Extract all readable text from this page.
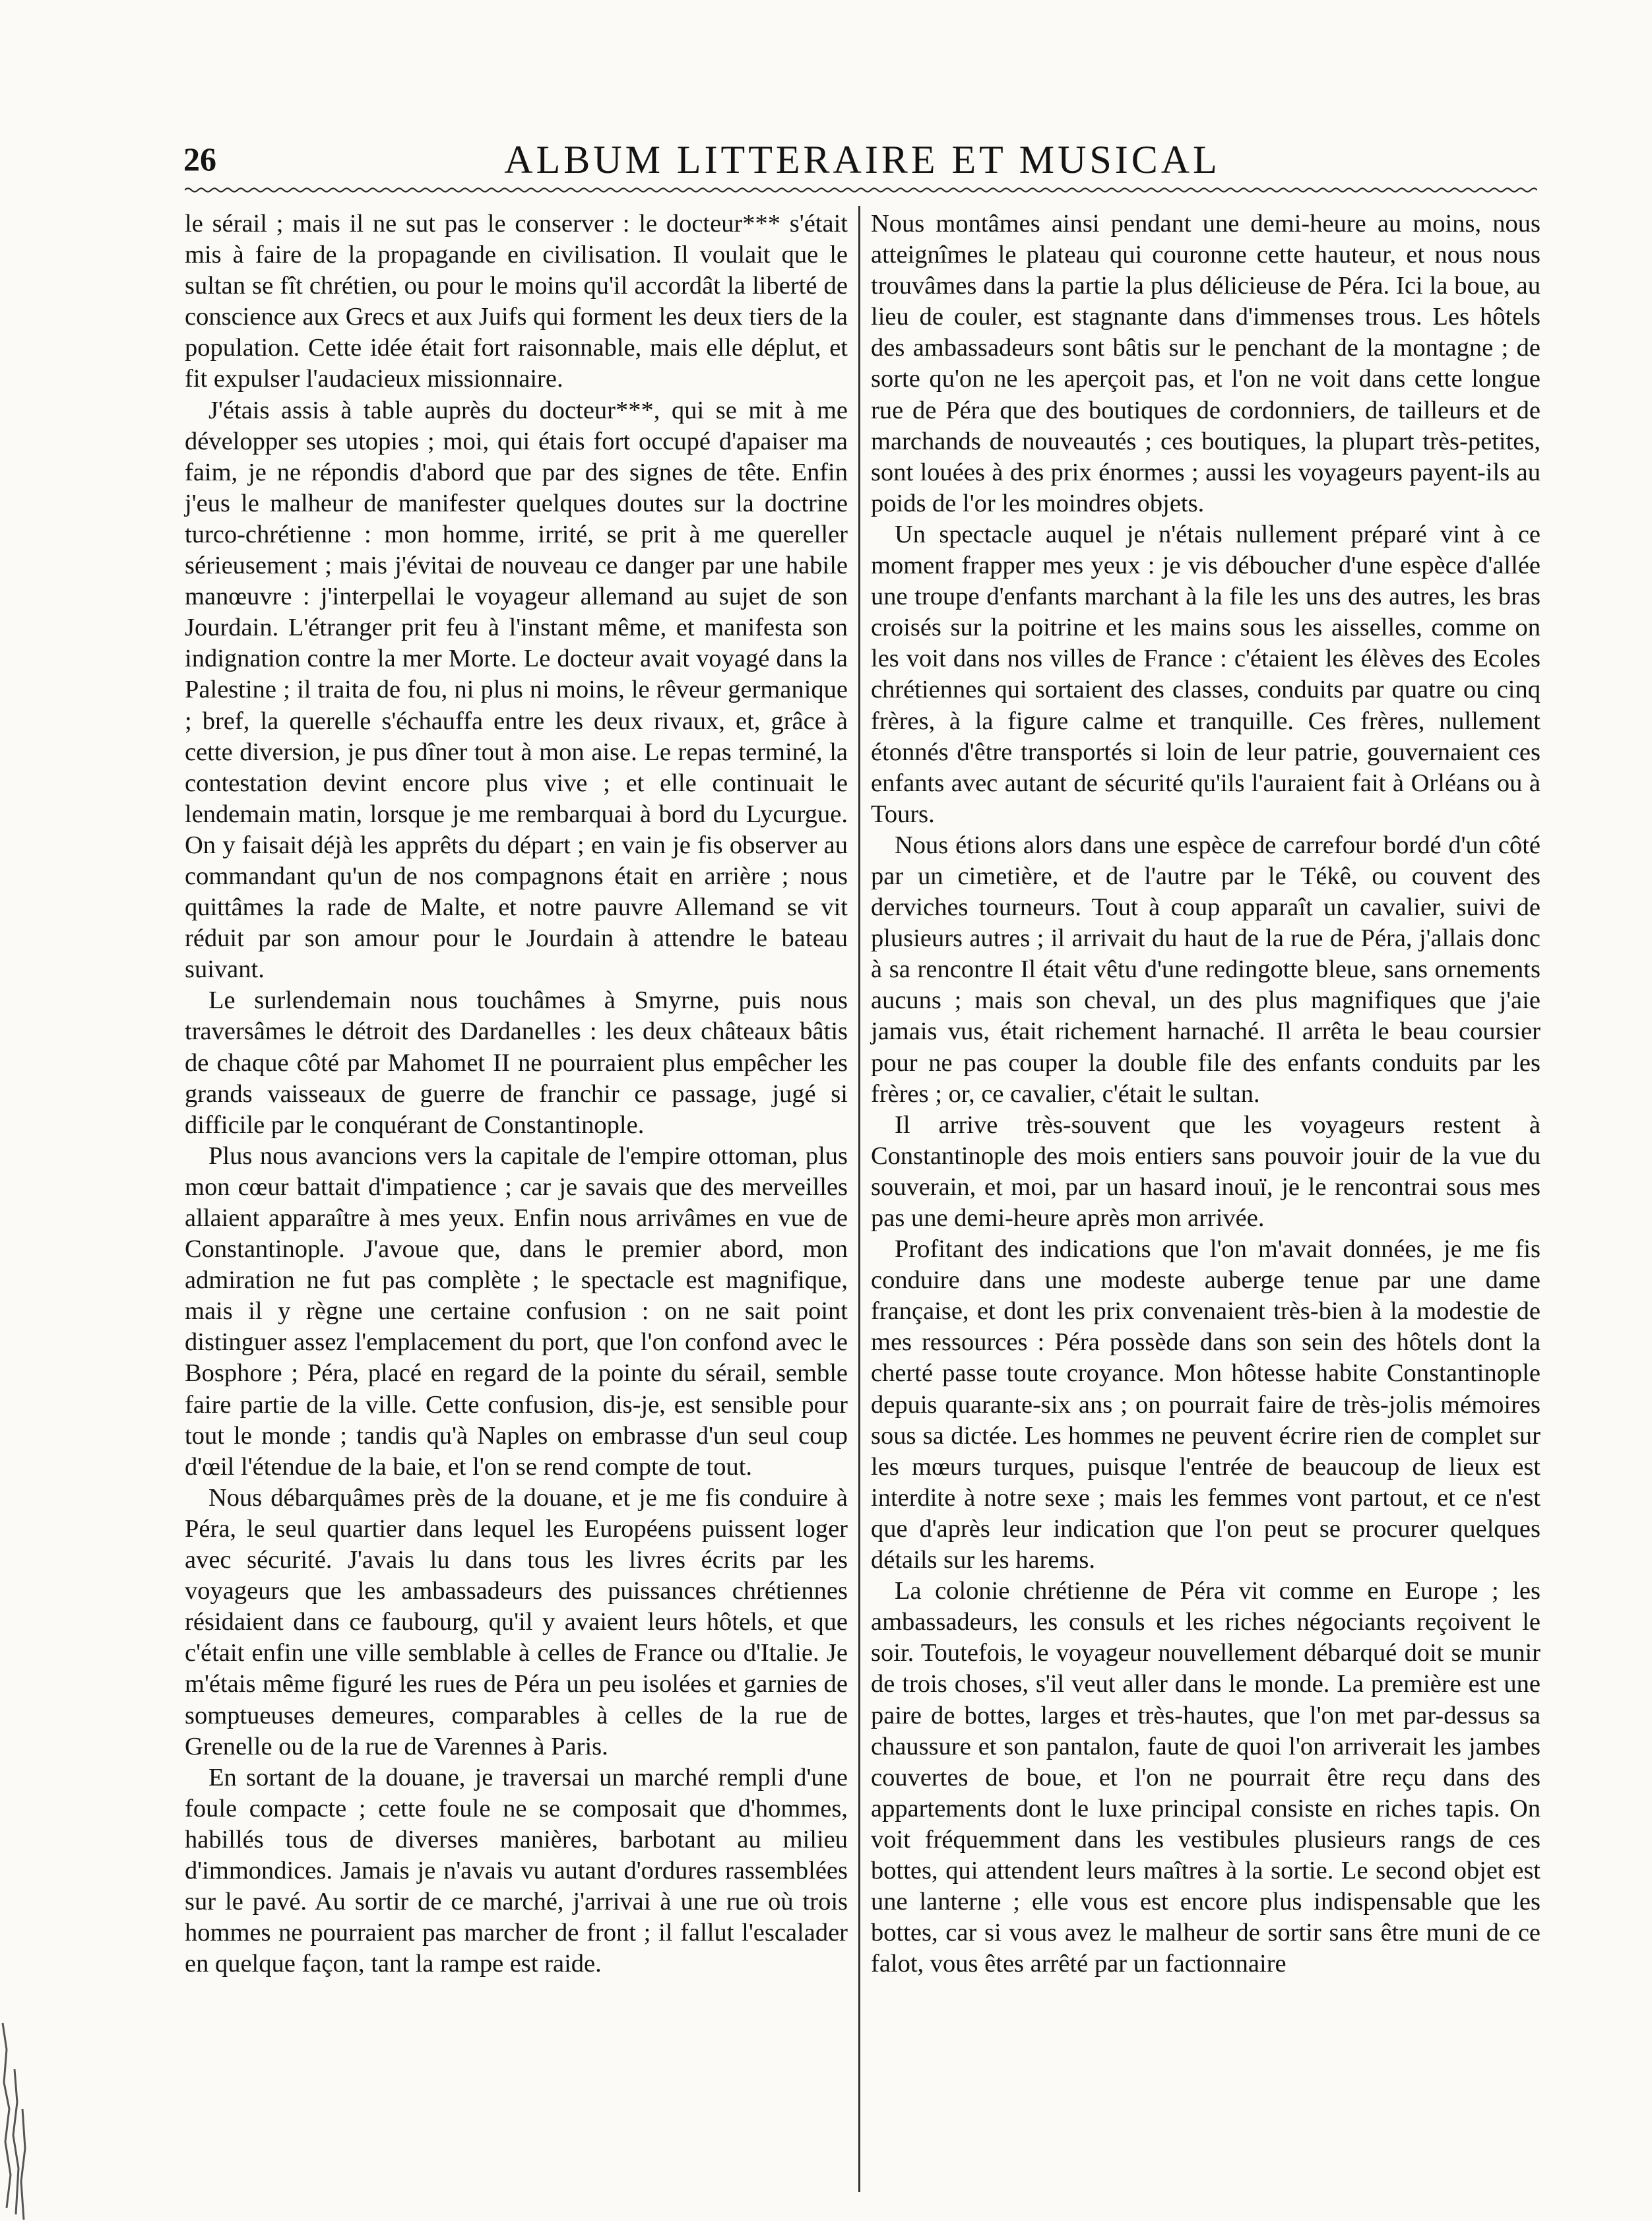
26	ALBUM LITTERAIRE ET MUSICAL

le sérail ; mais il ne sut pas le conserver : le docteur*** s'était mis à faire de la propagande en civilisation. Il voulait que le sultan se fît chrétien, ou pour le moins qu'il accordât la liberté de conscience aux Grecs et aux Juifs qui forment les deux tiers de la population. Cette idée était fort raisonnable, mais elle déplut, et fit expulser l'audacieux missionnaire.

J'étais assis à table auprès du docteur***, qui se mit à me développer ses utopies ; moi, qui étais fort occupé d'apaiser ma faim, je ne répondis d'abord que par des signes de tête. Enfin j'eus le malheur de manifester quelques doutes sur la doctrine turco-chrétienne : mon homme, irrité, se prit à me quereller sérieusement ; mais j'évitai de nouveau ce danger par une habile manœuvre : j'interpellai le voyageur allemand au sujet de son Jourdain. L'étranger prit feu à l'instant même, et manifesta son indignation contre la mer Morte. Le docteur avait voyagé dans la Palestine ; il traita de fou, ni plus ni moins, le rêveur germanique ; bref, la querelle s'échauffa entre les deux rivaux, et, grâce à cette diversion, je pus dîner tout à mon aise. Le repas terminé, la contestation devint encore plus vive ; et elle continuait le lendemain matin, lorsque je me rembarquai à bord du Lycurgue. On y faisait déjà les apprêts du départ ; en vain je fis observer au commandant qu'un de nos compagnons était en arrière ; nous quittâmes la rade de Malte, et notre pauvre Allemand se vit réduit par son amour pour le Jourdain à attendre le bateau suivant.

Le surlendemain nous touchâmes à Smyrne, puis nous traversâmes le détroit des Dardanelles : les deux châteaux bâtis de chaque côté par Mahomet II ne pourraient plus empêcher les grands vaisseaux de guerre de franchir ce passage, jugé si difficile par le conquérant de Constantinople.

Plus nous avancions vers la capitale de l'empire ottoman, plus mon cœur battait d'impatience ; car je savais que des merveilles allaient apparaître à mes yeux. Enfin nous arrivâmes en vue de Constantinople. J'avoue que, dans le premier abord, mon admiration ne fut pas complète ; le spectacle est magnifique, mais il y règne une certaine confusion : on ne sait point distinguer assez l'emplacement du port, que l'on confond avec le Bosphore ; Péra, placé en regard de la pointe du sérail, semble faire partie de la ville. Cette confusion, dis-je, est sensible pour tout le monde ; tandis qu'à Naples on embrasse d'un seul coup d'œil l'étendue de la baie, et l'on se rend compte de tout.

Nous débarquâmes près de la douane, et je me fis conduire à Péra, le seul quartier dans lequel les Européens puissent loger avec sécurité. J'avais lu dans tous les livres écrits par les voyageurs que les ambassadeurs des puissances chrétiennes résidaient dans ce faubourg, qu'il y avaient leurs hôtels, et que c'était enfin une ville semblable à celles de France ou d'Italie. Je m'étais même figuré les rues de Péra un peu isolées et garnies de somptueuses demeures, comparables à celles de la rue de Grenelle ou de la rue de Varennes à Paris.

En sortant de la douane, je traversai un marché rempli d'une foule compacte ; cette foule ne se composait que d'hommes, habillés tous de diverses manières, barbotant au milieu d'immondices. Jamais je n'avais vu autant d'ordures rassemblées sur le pavé. Au sortir de ce marché, j'arrivai à une rue où trois hommes ne pourraient pas marcher de front ; il fallut l'escalader en quelque façon, tant la rampe est raide.

Nous montâmes ainsi pendant une demi-heure au moins, nous atteignîmes le plateau qui couronne cette hauteur, et nous nous trouvâmes dans la partie la plus délicieuse de Péra. Ici la boue, au lieu de couler, est stagnante dans d'immenses trous. Les hôtels des ambassadeurs sont bâtis sur le penchant de la montagne ; de sorte qu'on ne les aperçoit pas, et l'on ne voit dans cette longue rue de Péra que des boutiques de cordonniers, de tailleurs et de marchands de nouveautés ; ces boutiques, la plupart très-petites, sont louées à des prix énormes ; aussi les voyageurs payent-ils au poids de l'or les moindres objets.

Un spectacle auquel je n'étais nullement préparé vint à ce moment frapper mes yeux : je vis déboucher d'une espèce d'allée une troupe d'enfants marchant à la file les uns des autres, les bras croisés sur la poitrine et les mains sous les aisselles, comme on les voit dans nos villes de France : c'étaient les élèves des Ecoles chrétiennes qui sortaient des classes, conduits par quatre ou cinq frères, à la figure calme et tranquille. Ces frères, nullement étonnés d'être transportés si loin de leur patrie, gouvernaient ces enfants avec autant de sécurité qu'ils l'auraient fait à Orléans ou à Tours.

Nous étions alors dans une espèce de carrefour bordé d'un côté par un cimetière, et de l'autre par le Tékê, ou couvent des derviches tourneurs. Tout à coup apparaît un cavalier, suivi de plusieurs autres ; il arrivait du haut de la rue de Péra, j'allais donc à sa rencontre Il était vêtu d'une redingotte bleue, sans ornements aucuns ; mais son cheval, un des plus magnifiques que j'aie jamais vus, était richement harnaché. Il arrêta le beau coursier pour ne pas couper la double file des enfants conduits par les frères ; or, ce cavalier, c'était le sultan.

Il arrive très-souvent que les voyageurs restent à Constantinople des mois entiers sans pouvoir jouir de la vue du souverain, et moi, par un hasard inouï, je le rencontrai sous mes pas une demi-heure après mon arrivée.

Profitant des indications que l'on m'avait données, je me fis conduire dans une modeste auberge tenue par une dame française, et dont les prix convenaient très-bien à la modestie de mes ressources : Péra possède dans son sein des hôtels dont la cherté passe toute croyance. Mon hôtesse habite Constantinople depuis quarante-six ans ; on pourrait faire de très-jolis mémoires sous sa dictée. Les hommes ne peuvent écrire rien de complet sur les mœurs turques, puisque l'entrée de beaucoup de lieux est interdite à notre sexe ; mais les femmes vont partout, et ce n'est que d'après leur indication que l'on peut se procurer quelques détails sur les harems.

La colonie chrétienne de Péra vit comme en Europe ; les ambassadeurs, les consuls et les riches négociants reçoivent le soir. Toutefois, le voyageur nouvellement débarqué doit se munir de trois choses, s'il veut aller dans le monde. La première est une paire de bottes, larges et très-hautes, que l'on met par-dessus sa chaussure et son pantalon, faute de quoi l'on arriverait les jambes couvertes de boue, et l'on ne pourrait être reçu dans des appartements dont le luxe principal consiste en riches tapis. On voit fréquemment dans les vestibules plusieurs rangs de ces bottes, qui attendent leurs maîtres à la sortie. Le second objet est une lanterne ; elle vous est encore plus indispensable que les bottes, car si vous avez le malheur de sortir sans être muni de ce falot, vous êtes arrêté par un factionnaire
